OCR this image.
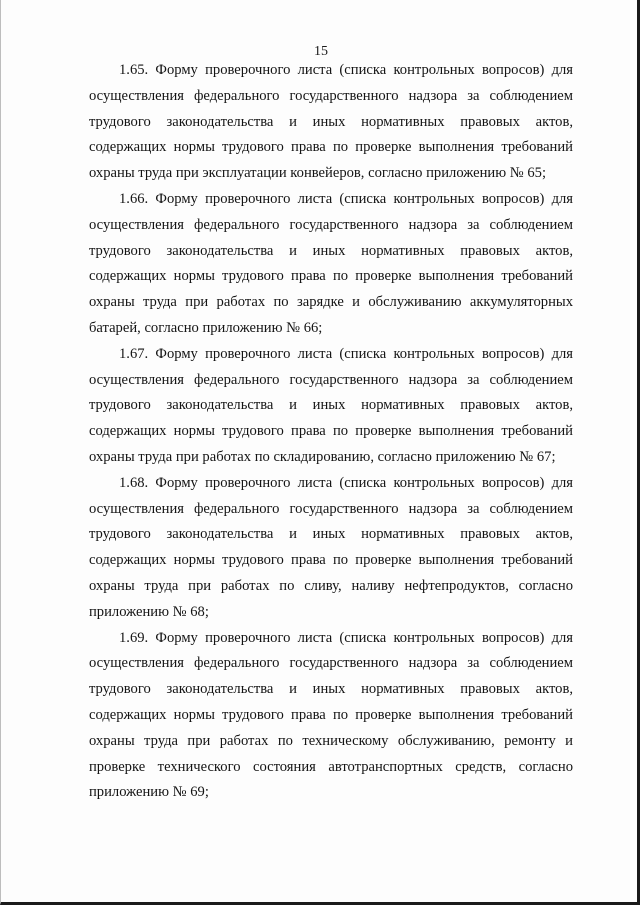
15

1.65. Форму проверочного листа (списка контрольных вопросов) для осуществления федерального государственного надзора за соблюдением трудового законодательства и иных нормативных правовых актов, содержащих нормы трудового права по проверке выполнения требований охраны труда при эксплуатации конвейеров, согласно приложению № 65;

1.66. Форму проверочного листа (списка контрольных вопросов) для осуществления федерального государственного надзора за соблюдением трудового законодательства и иных нормативных правовых актов, содержащих нормы трудового права по проверке выполнения требований охраны труда при работах по зарядке и обслуживанию аккумуляторных батарей, согласно приложению № 66;

1.67. Форму проверочного листа (списка контрольных вопросов) для осуществления федерального государственного надзора за соблюдением трудового законодательства и иных нормативных правовых актов, содержащих нормы трудового права по проверке выполнения требований охраны труда при работах по складированию, согласно приложению № 67;

1.68. Форму проверочного листа (списка контрольных вопросов) для осуществления федерального государственного надзора за соблюдением трудового законодательства и иных нормативных правовых актов, содержащих нормы трудового права по проверке выполнения требований охраны труда при работах по сливу, наливу нефтепродуктов, согласно приложению № 68;

1.69. Форму проверочного листа (списка контрольных вопросов) для осуществления федерального государственного надзора за соблюдением трудового законодательства и иных нормативных правовых актов, содержащих нормы трудового права по проверке выполнения требований охраны труда при работах по техническому обслуживанию, ремонту и проверке технического состояния автотранспортных средств, согласно приложению № 69;
